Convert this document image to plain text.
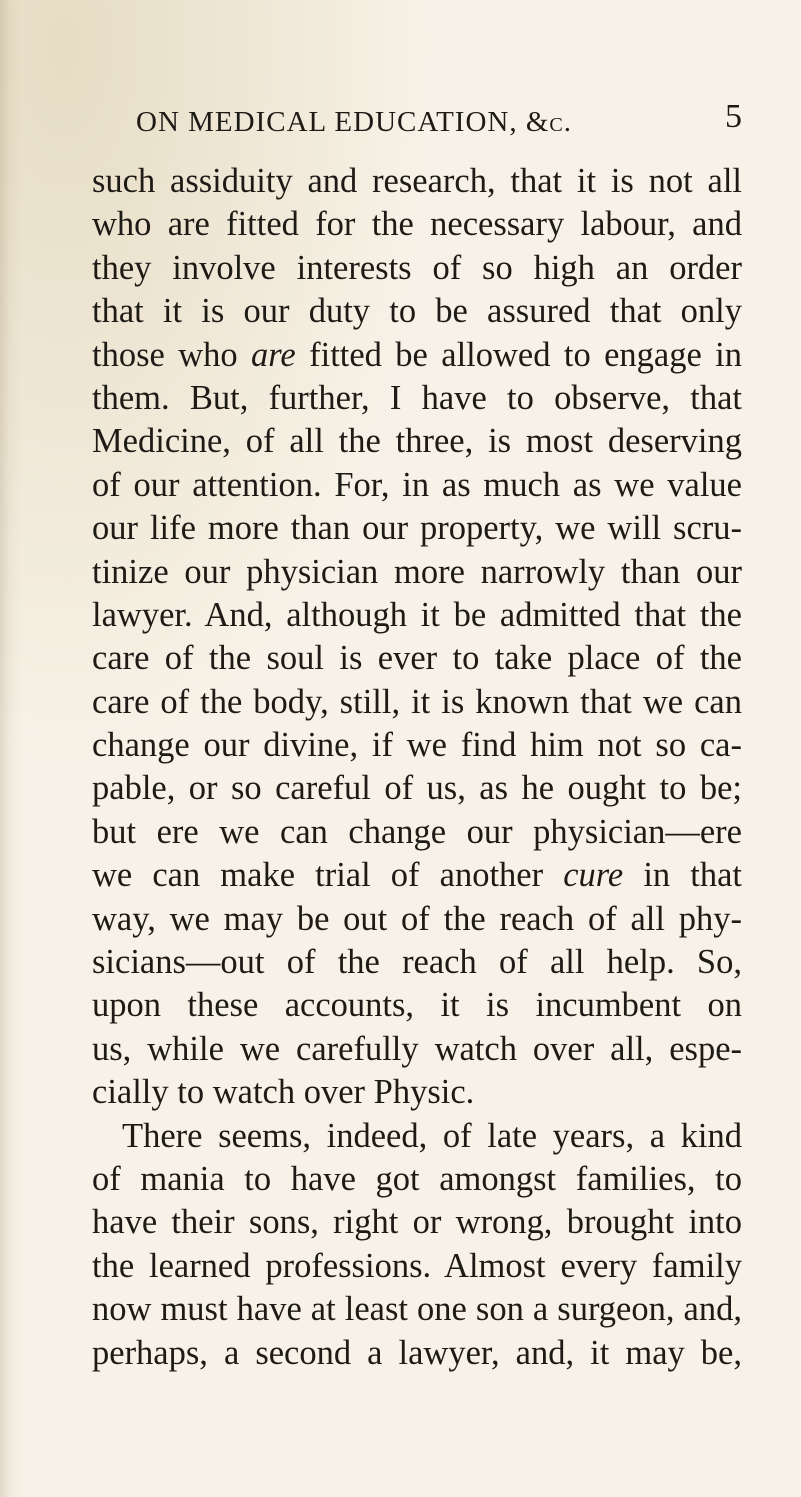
ON MEDICAL EDUCATION, &c.	5
such assiduity and research, that it is not all
who are fitted for the necessary labour, and
they involve interests of so high an order
that it is our duty to be assured that only
those who are fitted be allowed to engage in
them. But, further, I have to observe, that
Medicine, of all the three, is most deserving
of our attention. For, in as much as we value
our life more than our property, we will scru-
tinize our physician more narrowly than our
lawyer. And, although it be admitted that the
care of the soul is ever to take place of the
care of the body, still, it is known that we can
change our divine, if we find him not so ca-
pable, or so careful of us, as he ought to be;
but ere we can change our physician—ere
we can make trial of another cure in that
way, we may be out of the reach of all phy-
sicians—out of the reach of all help. So,
upon these accounts, it is incumbent on
us, while we carefully watch over all, espe-
cially to watch over Physic.
There seems, indeed, of late years, a kind
of mania to have got amongst families, to
have their sons, right or wrong, brought into
the learned professions. Almost every family
now must have at least one son a surgeon, and,
perhaps, a second a lawyer, and, it may be,
